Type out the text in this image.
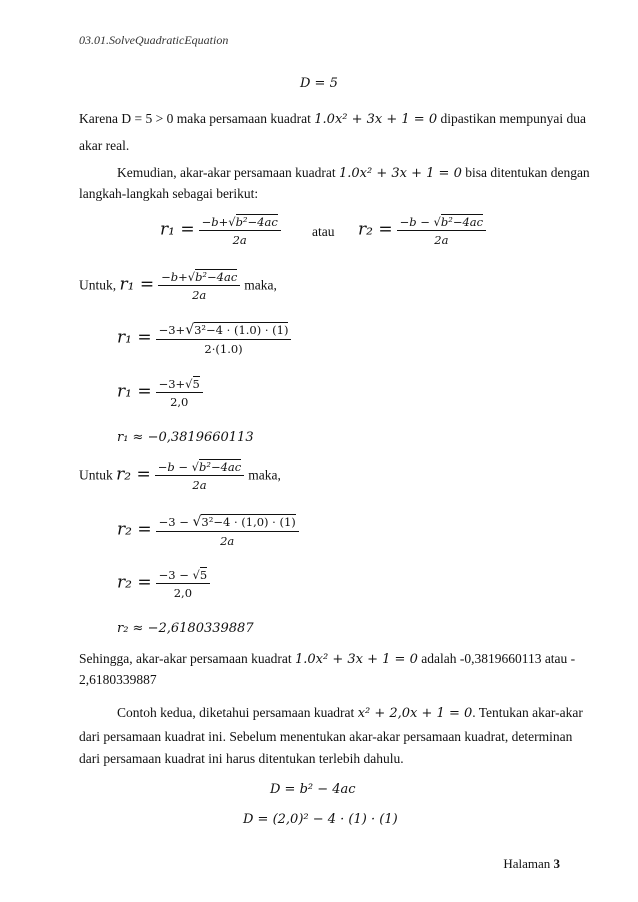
03.01.SolveQuadraticEquation
D = 5
Karena D = 5 > 0 maka persamaan kuadrat 1.0x² + 3x + 1 = 0 dipastikan mempunyai dua
akar real.
Kemudian, akar-akar persamaan kuadrat 1.0x² + 3x + 1 = 0 bisa ditentukan dengan
langkah-langkah sebagai berikut:
$r_1 = \frac{\text{−b+√b²−4ac}}{2a}$ atau $r_2 = \frac{\text{−b − √b²−4ac}}{2a}$
Untuk, $r_1 = \frac{\text{−b+√b²−4ac}}{2a}$ maka,
$r_1 = \frac{\text{−3+√3²−4 · (1.0) · (1)}}{2\cdot(1.0)}$
$r_1 = \frac{-3+√5}{2,0}$
r₁ ≈ −0,3819660113
Untuk $r_2 = \frac{\text{−b − √b²−4ac}}{2a}$ maka,
$r_2 = \frac{\text{−3 − √3²−4 · (1,0) · (1)}}{2a}$
$r_2 = \frac{-3 - √5}{2,0}$
r₂ ≈ −2,6180339887
Sehingga, akar-akar persamaan kuadrat 1.0x² + 3x + 1 = 0 adalah -0,3819660113 atau -
2,6180339887
Contoh kedua, diketahui persamaan kuadrat x² + 2,0x + 1 = 0. Tentukan akar-akar
dari persamaan kuadrat ini. Sebelum menentukan akar-akar persamaan kuadrat, determinan
dari persamaan kuadrat ini harus ditentukan terlebih dahulu.
D = b² − 4ac
D = (2,0)² − 4 · (1) · (1)
Halaman 3
